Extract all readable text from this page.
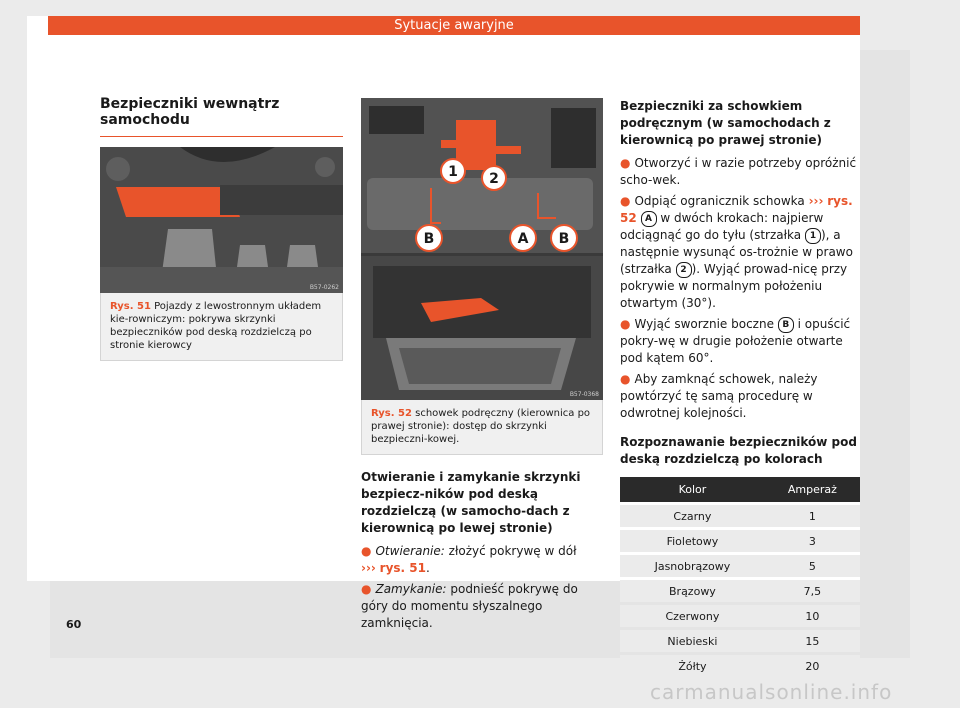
Sytuacje awaryjne
Bezpieczniki wewnątrz samochodu
B57-0262
Rys. 51 Pojazdy z lewostronnym układem kie-rowniczym: pokrywa skrzynki bezpieczników pod deską rozdzielczą po stronie kierowcy
1 2
B	A B
B57-0368
Rys. 52 schowek podręczny (kierownica po prawej stronie): dostęp do skrzynki bezpieczni-kowej.
Otwieranie i zamykanie skrzynki bezpiecz-ników pod deską rozdzielczą (w samocho-dach z kierownicą po lewej stronie)
● Otwieranie: złożyć pokrywę w dół
››› rys. 51.
● Zamykanie: podnieść pokrywę do góry do momentu słyszalnego zamknięcia.
Bezpieczniki za schowkiem podręcznym (w samochodach z kierownicą po prawej stronie)
● Otworzyć i w razie potrzeby opróżnić scho-wek.
● Odpiąć ogranicznik schowka ››› rys. 52 A w dwóch krokach: najpierw odciągnąć go do tyłu (strzałka 1 ), a następnie wysunąć os-trożnie w prawo (strzałka 2 ). Wyjąć prowad-nicę przy pokrywie w normalnym położeniu otwartym (30°).
● Wyjąć sworznie boczne B i opuścić pokry-wę w drugie położenie otwarte pod kątem 60°.
● Aby zamknąć schowek, należy powtórzyć tę samą procedurę w odwrotnej kolejności.
Rozpoznawanie bezpieczników pod deską rozdzielczą po kolorach
Kolor	Amperaż
Czarny	1
Fioletowy	3
Jasnobrązowy	5
Brązowy	7,5
Czerwony	10
Niebieski	15
Żółty	20
60
carmanualsonline.info
